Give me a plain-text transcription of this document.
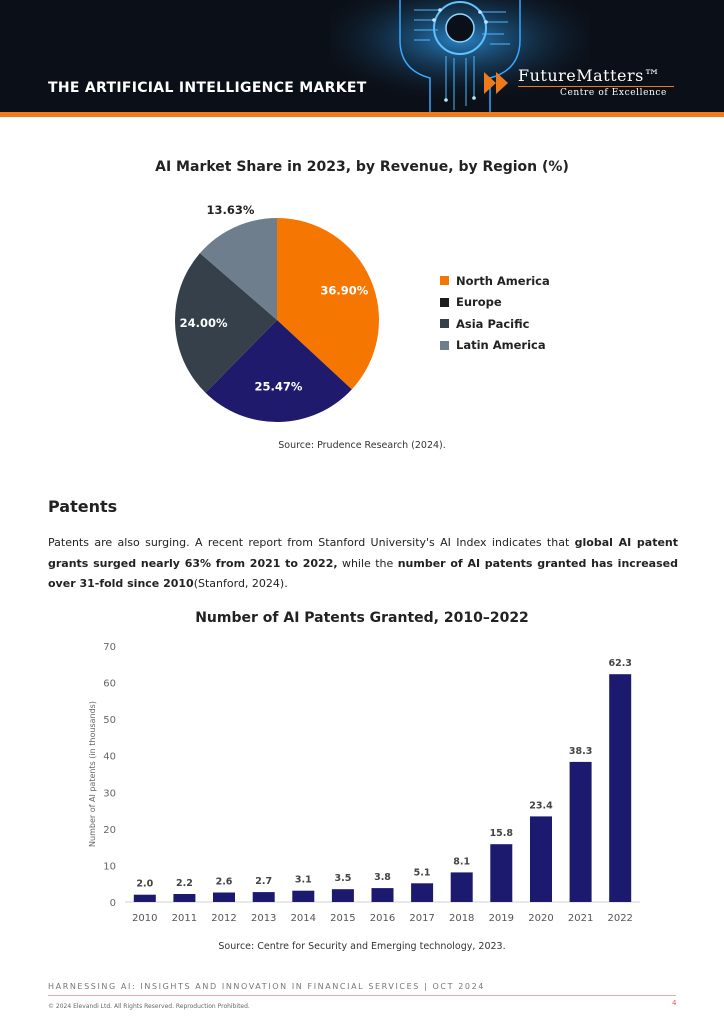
THE ARTIFICIAL INTELLIGENCE MARKET
FutureMatters™
Centre of Excellence
AI Market Share in 2023, by Revenue, by Region (%)
36.90%
25.47%
24.00%
13.63%
North America
Europe
Asia Pacific
Latin America
Source: Prudence Research (2024).
Patents
Patents are also surging. A recent report from Stanford University's AI Index indicates that global AI patent grants surged nearly 63% from 2021 to 2022, while the number of AI patents granted has increased over 31-fold since 2010(Stanford, 2024).
Number of AI Patents Granted, 2010–2022
Number of AI patents (in thousands)
0
10
20
30
40
50
60
70
2.0
2010
2.2
2011
2.6
2012
2.7
2013
3.1
2014
3.5
2015
3.8
2016
5.1
2017
8.1
2018
15.8
2019
23.4
2020
38.3
2021
62.3
2022
Source: Centre for Security and Emerging technology, 2023.
HARNESSING AI: INSIGHTS AND INNOVATION IN FINANCIAL SERVICES | OCT 2024
© 2024 Elevandi Ltd. All Rights Reserved. Reproduction Prohibited.	4
